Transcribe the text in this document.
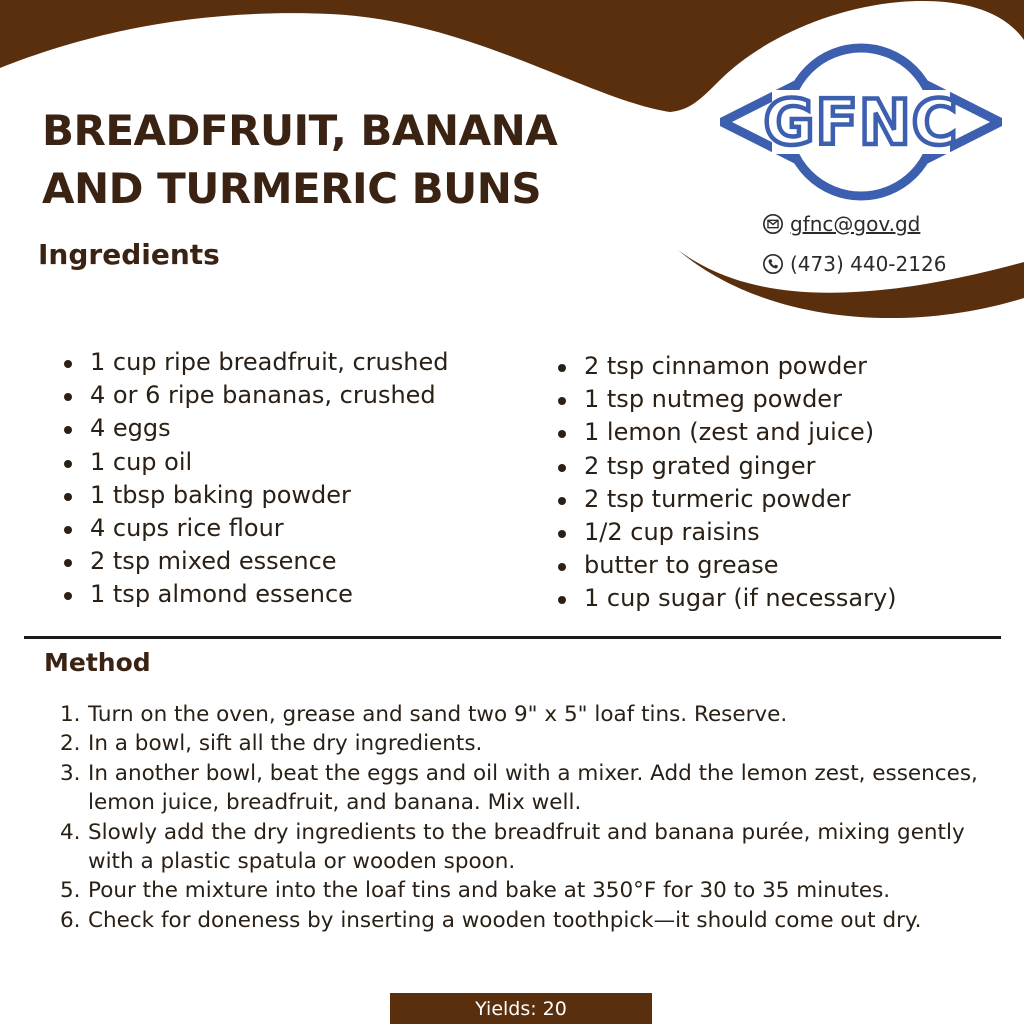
BREADFRUIT, BANANA
AND TURMERIC BUNS
GFNC
gfnc@gov.gd
(473) 440-2126
Ingredients
1 cup ripe breadfruit, crushed
4 or 6 ripe bananas, crushed
4 eggs
1 cup oil
1 tbsp baking powder
4 cups rice flour
2 tsp mixed essence
1 tsp almond essence
2 tsp cinnamon powder
1 tsp nutmeg powder
1 lemon (zest and juice)
2 tsp grated ginger
2 tsp turmeric powder
1/2 cup raisins
butter to grease
1 cup sugar (if necessary)
Method
1. Turn on the oven, grease and sand two 9" x 5" loaf tins. Reserve.
2. In a bowl, sift all the dry ingredients.
3. In another bowl, beat the eggs and oil with a mixer. Add the lemon zest, essences, lemon juice, breadfruit, and banana. Mix well.
4. Slowly add the dry ingredients to the breadfruit and banana purée, mixing gently with a plastic spatula or wooden spoon.
5. Pour the mixture into the loaf tins and bake at 350°F for 30 to 35 minutes.
6. Check for doneness by inserting a wooden toothpick—it should come out dry.
Yields: 20
